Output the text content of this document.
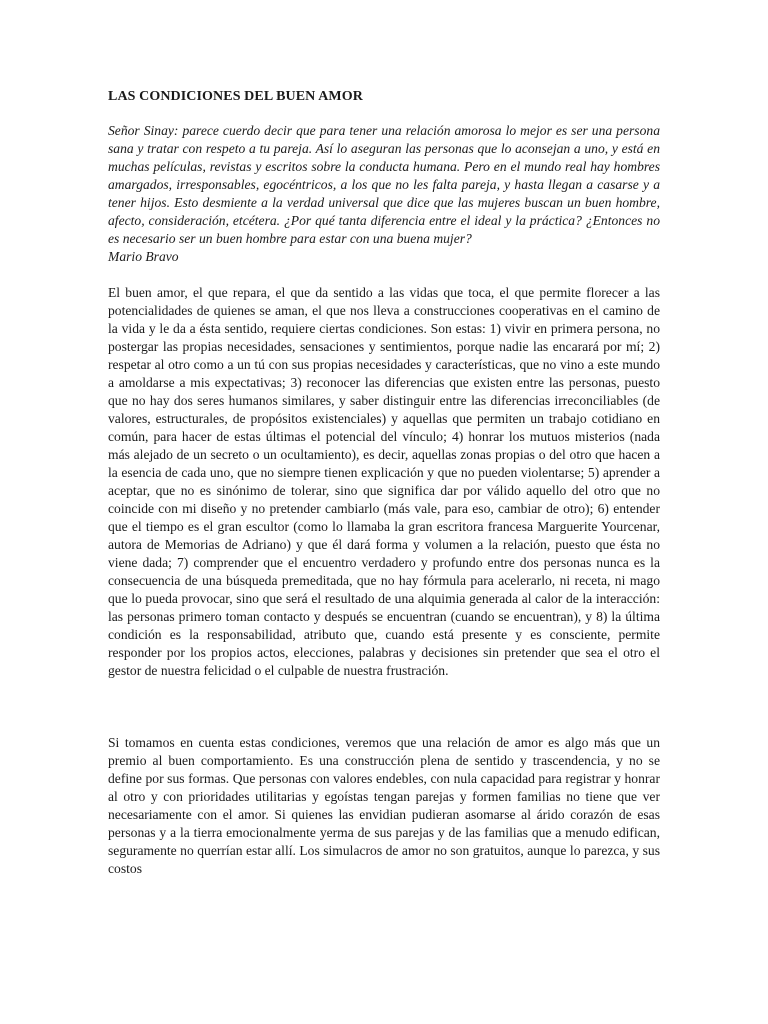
LAS CONDICIONES DEL BUEN AMOR

Señor Sinay: parece cuerdo decir que para tener una relación amorosa lo mejor es ser una persona sana y tratar con respeto a tu pareja. Así lo aseguran las personas que lo aconsejan a uno, y está en muchas películas, revistas y escritos sobre la conducta humana. Pero en el mundo real hay hombres amargados, irresponsables, egocéntricos, a los que no les falta pareja, y hasta llegan a casarse y a tener hijos. Esto desmiente a la verdad universal que dice que las mujeres buscan un buen hombre, afecto, consideración, etcétera. ¿Por qué tanta diferencia entre el ideal y la práctica? ¿Entonces no es necesario ser un buen hombre para estar con una buena mujer?

Mario Bravo

El buen amor, el que repara, el que da sentido a las vidas que toca, el que permite florecer a las potencialidades de quienes se aman, el que nos lleva a construcciones cooperativas en el camino de la vida y le da a ésta sentido, requiere ciertas condiciones. Son estas: 1) vivir en primera persona, no postergar las propias necesidades, sensaciones y sentimientos, porque nadie las encarará por mí; 2) respetar al otro como a un tú con sus propias necesidades y características, que no vino a este mundo a amoldarse a mis expectativas; 3) reconocer las diferencias que existen entre las personas, puesto que no hay dos seres humanos similares, y saber distinguir entre las diferencias irreconciliables (de valores, estructurales, de propósitos existenciales) y aquellas que permiten un trabajo cotidiano en común, para hacer de estas últimas el potencial del vínculo; 4) honrar los mutuos misterios (nada más alejado de un secreto o un ocultamiento), es decir, aquellas zonas propias o del otro que hacen a la esencia de cada uno, que no siempre tienen explicación y que no pueden violentarse; 5) aprender a aceptar, que no es sinónimo de tolerar, sino que significa dar por válido aquello del otro que no coincide con mi diseño y no pretender cambiarlo (más vale, para eso, cambiar de otro); 6) entender que el tiempo es el gran escultor (como lo llamaba la gran escritora francesa Marguerite Yourcenar, autora de Memorias de Adriano) y que él dará forma y volumen a la relación, puesto que ésta no viene dada; 7) comprender que el encuentro verdadero y profundo entre dos personas nunca es la consecuencia de una búsqueda premeditada, que no hay fórmula para acelerarlo, ni receta, ni mago que lo pueda provocar, sino que será el resultado de una alquimia generada al calor de la interacción: las personas primero toman contacto y después se encuentran (cuando se encuentran), y 8) la última condición es la responsabilidad, atributo que, cuando está presente y es consciente, permite responder por los propios actos, elecciones, palabras y decisiones sin pretender que sea el otro el gestor de nuestra felicidad o el culpable de nuestra frustración.

Si tomamos en cuenta estas condiciones, veremos que una relación de amor es algo más que un premio al buen comportamiento. Es una construcción plena de sentido y trascendencia, y no se define por sus formas. Que personas con valores endebles, con nula capacidad para registrar y honrar al otro y con prioridades utilitarias y egoístas tengan parejas y formen familias no tiene que ver necesariamente con el amor. Si quienes las envidian pudieran asomarse al árido corazón de esas personas y a la tierra emocionalmente yerma de sus parejas y de las familias que a menudo edifican, seguramente no querrían estar allí. Los simulacros de amor no son gratuitos, aunque lo parezca, y sus costos
